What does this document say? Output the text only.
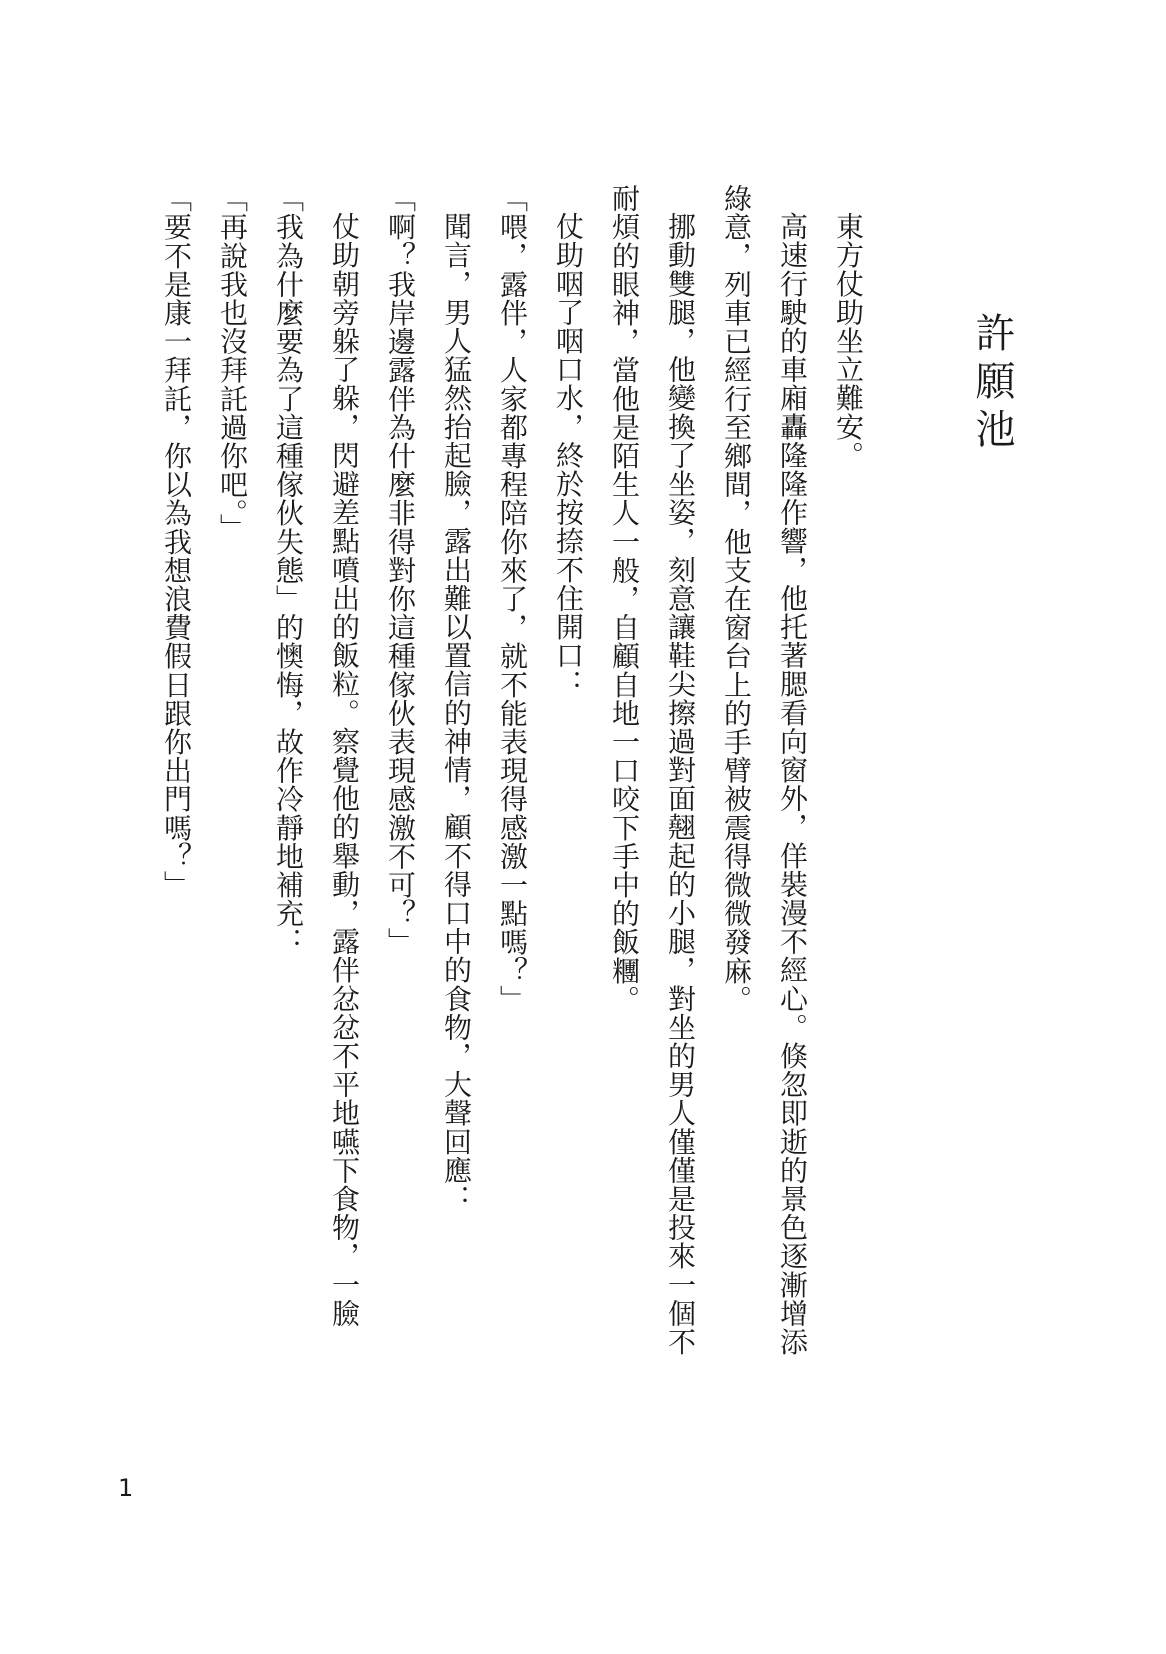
許願池

東方仗助坐立難安。

高速行駛的車廂轟隆隆作響，他托著腮看向窗外，佯裝漫不經心。倏忽即逝的景色逐漸增添綠意，列車已經行至鄉間，他支在窗台上的手臂被震得微微發麻。

挪動雙腿，他變換了坐姿，刻意讓鞋尖擦過對面翹起的小腿，對坐的男人僅僅是投來一個不耐煩的眼神，當他是陌生人一般，自顧自地一口咬下手中的飯糰。

仗助咽了咽口水，終於按捺不住開口：

「喂，露伴，人家都專程陪你來了，就不能表現得感激一點嗎？」

聞言，男人猛然抬起臉，露出難以置信的神情，顧不得口中的食物，大聲回應：

「啊？我岸邊露伴為什麼非得對你這種傢伙表現感激不可？」

仗助朝旁躲了躲，閃避差點噴出的飯粒。察覺他的舉動，露伴忿忿不平地嚥下食物，一臉「我為什麼要為了這種傢伙失態」的懊悔，故作冷靜地補充：

「再說我也沒拜託過你吧。」

「要不是康一拜託，你以為我想浪費假日跟你出門嗎？」

1
